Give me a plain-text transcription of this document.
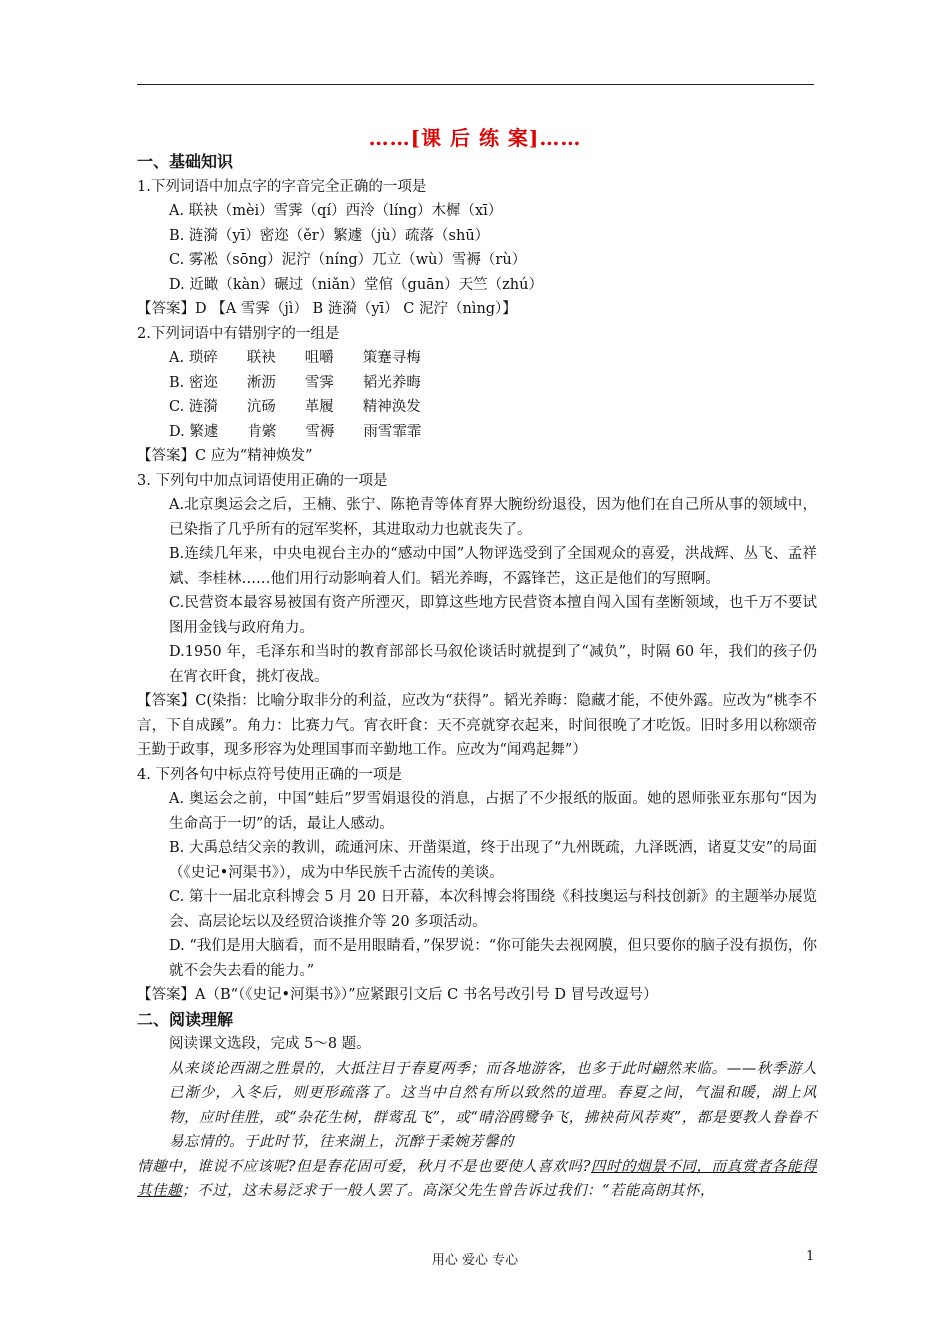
……[课 后 练 案]……
一、基础知识
1.下列词语中加点字的字音完全正确的一项是
A. 联袂（mèi）雪霁（qí）西泠（líng）木樨（xī）
B. 涟漪（yī）密迩（ěr）繁遽（jù）疏落（shū）
C. 雾凇（sōng）泥泞（níng）兀立（wù）雪褥（rù）
D. 近瞰（kàn）碾过（niǎn）堂倌（guān）天竺（zhú）
【答案】D 【A 雪霁（jì） B 涟漪（yī） C 泥泞（nìng）】
2.下列词语中有错别字的一组是
A. 琐碎　　联袂　　咀嚼　　策蹇寻梅
B. 密迩　　淅沥　　雪霁　　韬光养晦
C. 涟漪　　沆砀　　革履　　精神涣发
D. 繁遽　　肯綮　　雪褥　　雨雪霏霏
【答案】C 应为“精神焕发”
3. 下列句中加点词语使用正确的一项是
A.北京奥运会之后，王楠、张宁、陈艳青等体育界大腕纷纷退役，因为他们在自己所从事的领域中，已染指了几乎所有的冠军奖杯，其进取动力也就丧失了。
B.连续几年来，中央电视台主办的“感动中国”人物评选受到了全国观众的喜爱，洪战辉、丛飞、孟祥斌、李桂林……他们用行动影响着人们。韬光养晦，不露锋芒，这正是他们的写照啊。
C.民营资本最容易被国有资产所湮灭，即算这些地方民营资本擅自闯入国有垄断领域，也千万不要试图用金钱与政府角力。
D.1950 年，毛泽东和当时的教育部部长马叙伦谈话时就提到了“减负”，时隔 60 年，我们的孩子仍在宵衣旰食，挑灯夜战。
【答案】C(染指：比喻分取非分的利益，应改为“获得”。韬光养晦：隐藏才能，不使外露。应改为“桃李不言，下自成蹊”。角力：比赛力气。宵衣旰食：天不亮就穿衣起来，时间很晚了才吃饭。旧时多用以称颂帝王勤于政事，现多形容为处理国事而辛勤地工作。应改为“闻鸡起舞”）
4. 下列各句中标点符号使用正确的一项是
A. 奥运会之前，中国“蛙后”罗雪娟退役的消息，占据了不少报纸的版面。她的恩师张亚东那句“因为生命高于一切”的话，最让人感动。
B. 大禹总结父亲的教训，疏通河床、开凿渠道，终于出现了“九州既疏，九泽既洒，诸夏艾安”的局面（《史记•河渠书》），成为中华民族千古流传的美谈。
C. 第十一届北京科博会 5 月 20 日开幕，本次科博会将围绕《科技奥运与科技创新》的主题举办展览会、高层论坛以及经贸洽谈推介等 20 多项活动。
D. “我们是用大脑看，而不是用眼睛看，”保罗说：“你可能失去视网膜，但只要你的脑子没有损伤，你就不会失去看的能力。”
【答案】A（B“（《史记•河渠书》）”应紧跟引文后 C 书名号改引号 D 冒号改逗号）
二、阅读理解
阅读课文选段，完成 5～8 题。
从来谈论西湖之胜景的，大抵注目于春夏两季；而各地游客，也多于此时翩然来临。——秋季游人已渐少，入冬后，则更形疏落了。这当中自然有所以致然的道理。春夏之间，气温和暖，湖上风物，应时佳胜，或“杂花生树，群莺乱飞”，或“晴浴鸥鹭争飞，拂袂荷风荐爽”，都是要教人眷眷不易忘情的。于此时节，往来湖上，沉醉于柔婉芳馨的
情趣中，谁说不应该呢?但是春花固可爱，秋月不是也要使人喜欢吗?四时的烟景不同，而真赏者各能得其佳趣；不过，这未易泛求于一般人罢了。高深父先生曾告诉过我们：“若能高朗其怀，
用心 爱心 专心	1
